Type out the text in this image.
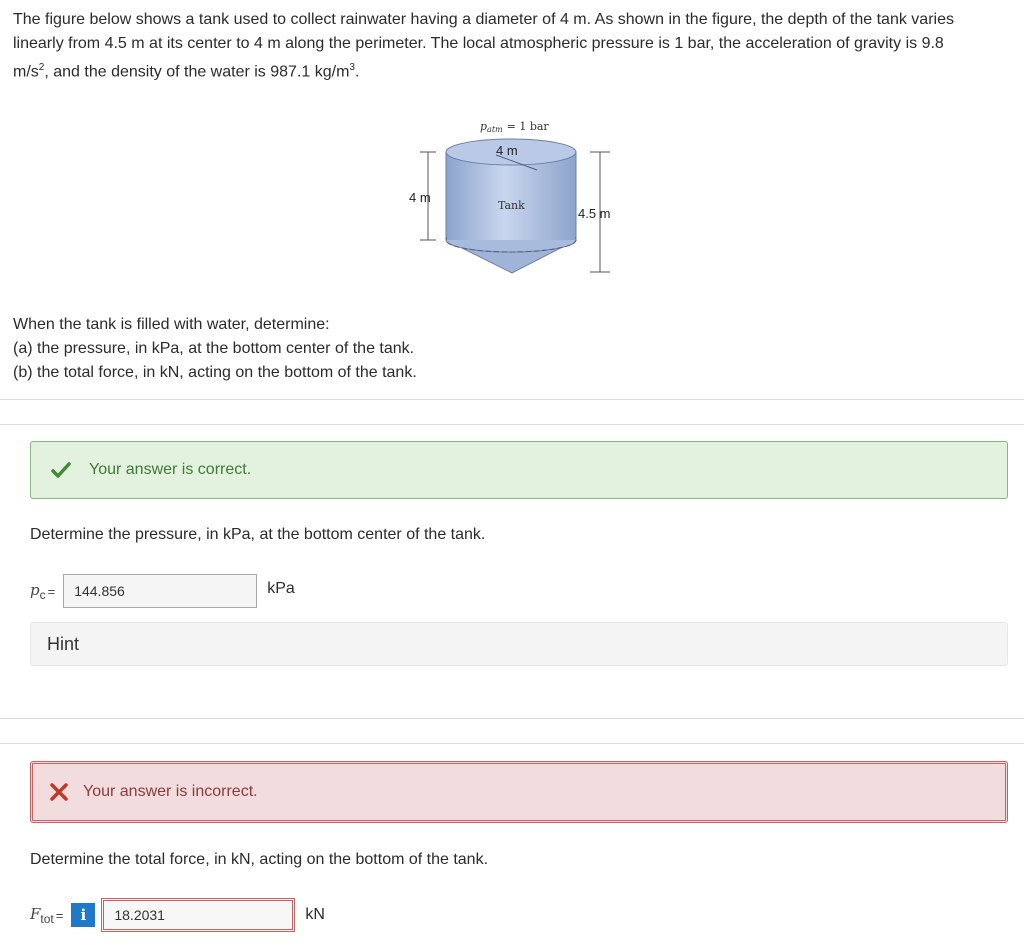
The figure below shows a tank used to collect rainwater having a diameter of 4 m. As shown in the figure, the depth of the tank varies
linearly from 4.5 m at its center to 4 m along the perimeter. The local atmospheric pressure is 1 bar, the acceleration of gravity is 9.8
$m/s^2$, and the density of the water is 987.1 $kg/m^3$.
patm = 1 bar
4 m
4 m
4.5 m
Tank
When the tank is filled with water, determine:
(a) the pressure, in kPa, at the bottom center of the tank.
(b) the total force, in kN, acting on the bottom of the tank.
Your answer is correct.
Determine the pressure, in kPa, at the bottom center of the tank.
$p_c$ =
144.856	kPa
Hint
Your answer is incorrect.
Determine the total force, in kN, acting on the bottom of the tank.
$F_{tot}$ =	i
18.2031	kN
